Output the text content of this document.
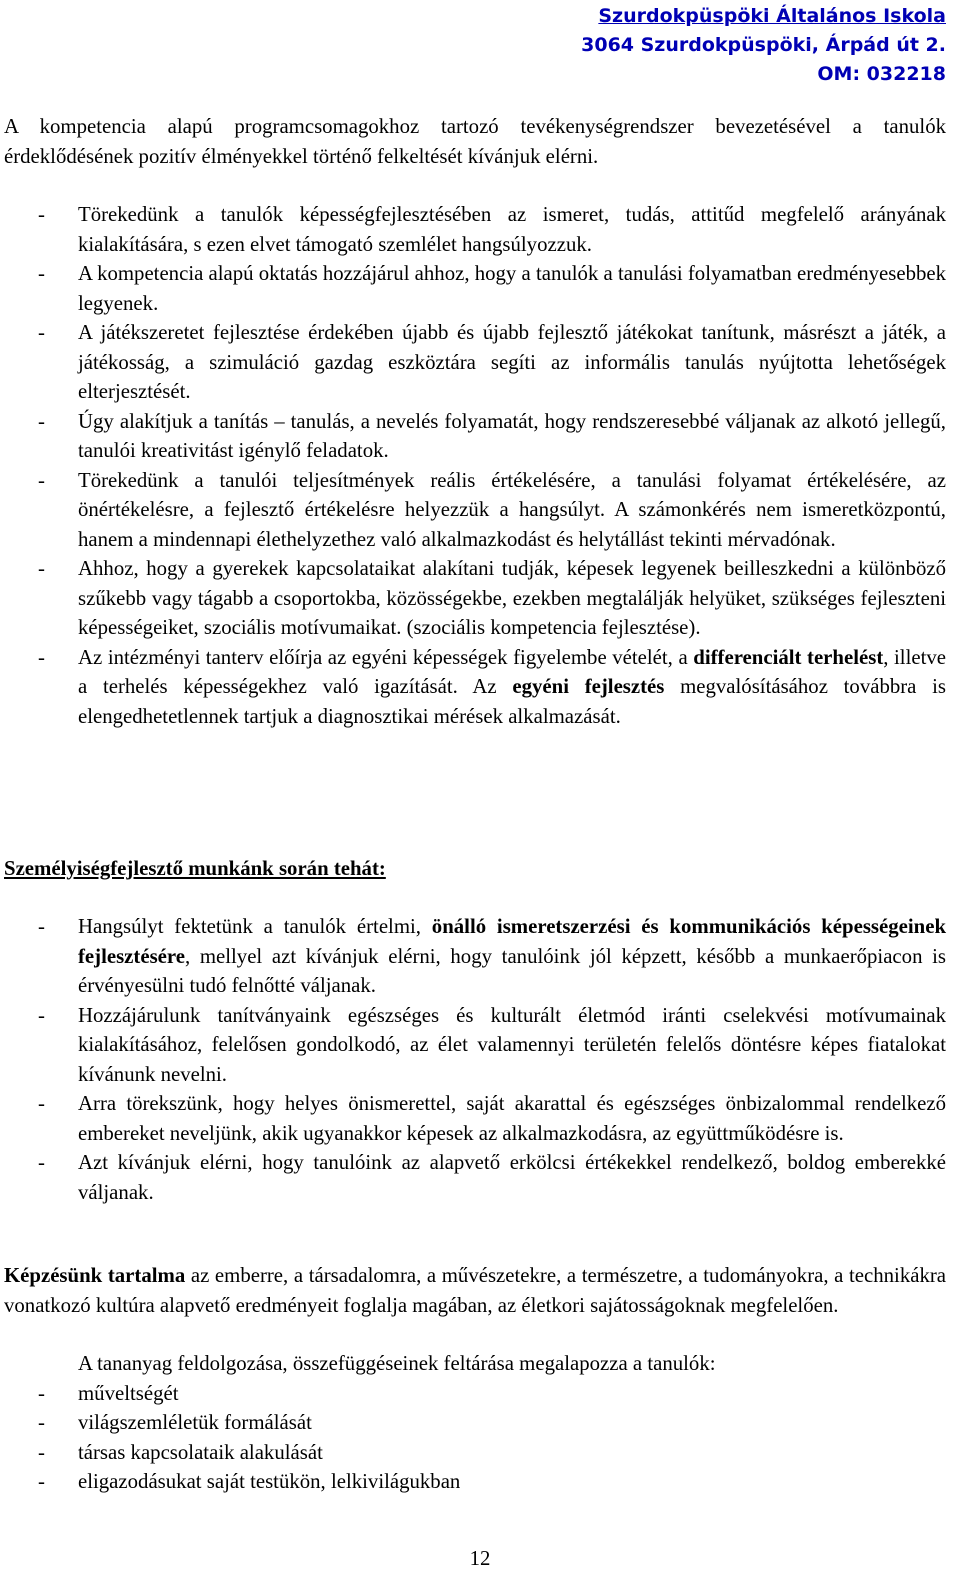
Szurdokpüspöki Általános Iskola
3064 Szurdokpüspöki, Árpád út 2.
OM: 032218

A kompetencia alapú programcsomagokhoz tartozó tevékenységrendszer bevezetésével a tanulók érdeklődésének pozitív élményekkel történő felkeltését kívánjuk elérni.

-	Törekedünk a tanulók képességfejlesztésében az ismeret, tudás, attitűd megfelelő arányának kialakítására, s ezen elvet támogató szemlélet hangsúlyozzuk.
-	A kompetencia alapú oktatás hozzájárul ahhoz, hogy a tanulók a tanulási folyamatban eredményesebbek legyenek.
-	A játékszeretet fejlesztése érdekében újabb és újabb fejlesztő játékokat tanítunk, másrészt a játék, a játékosság, a szimuláció gazdag eszköztára segíti az informális tanulás nyújtotta lehetőségek elterjesztését.
-	Úgy alakítjuk a tanítás – tanulás, a nevelés folyamatát, hogy rendszeresebbé váljanak az alkotó jellegű, tanulói kreativitást igénylő feladatok.
-	Törekedünk a tanulói teljesítmények reális értékelésére, a tanulási folyamat értékelésére, az önértékelésre, a fejlesztő értékelésre helyezzük a hangsúlyt. A számonkérés nem ismeretközpontú, hanem a mindennapi élethelyzethez való alkalmazkodást és helytállást tekinti mérvadónak.
-	Ahhoz, hogy a gyerekek kapcsolataikat alakítani tudják, képesek legyenek beilleszkedni a különböző szűkebb vagy tágabb a csoportokba, közösségekbe, ezekben megtalálják helyüket, szükséges fejleszteni képességeiket, szociális motívumaikat. (szociális kompetencia fejlesztése).
-	Az intézményi tanterv előírja az egyéni képességek figyelembe vételét, a differenciált terhelést, illetve a terhelés képességekhez való igazítását. Az egyéni fejlesztés megvalósításához továbbra is elengedhetetlennek tartjuk a diagnosztikai mérések alkalmazását.
Személyiségfejlesztő munkánk során tehát:
-	Hangsúlyt fektetünk a tanulók értelmi, önálló ismeretszerzési és kommunikációs képességeinek fejlesztésére, mellyel azt kívánjuk elérni, hogy tanulóink jól képzett, később a munkaerőpiacon is érvényesülni tudó felnőtté váljanak.
-	Hozzájárulunk tanítványaink egészséges és kulturált életmód iránti cselekvési motívumainak kialakításához, felelősen gondolkodó, az élet valamennyi területén felelős döntésre képes fiatalokat kívánunk nevelni.
-	Arra törekszünk, hogy helyes önismerettel, saját akarattal és egészséges önbizalommal rendelkező embereket neveljünk, akik ugyanakkor képesek az alkalmazkodásra, az együttműködésre is.
-	Azt kívánjuk elérni, hogy tanulóink az alapvető erkölcsi értékekkel rendelkező, boldog emberekké váljanak.

Képzésünk tartalma az emberre, a társadalomra, a művészetekre, a természetre, a tudományokra, a technikákra vonatkozó kultúra alapvető eredményeit foglalja magában, az életkori sajátosságoknak megfelelően.

A tananyag feldolgozása, összefüggéseinek feltárása megalapozza a tanulók:
-	műveltségét
-	világszemléletük formálását
-	társas kapcsolataik alakulását
-	eligazodásukat saját testükön, lelkivilágukban
12
